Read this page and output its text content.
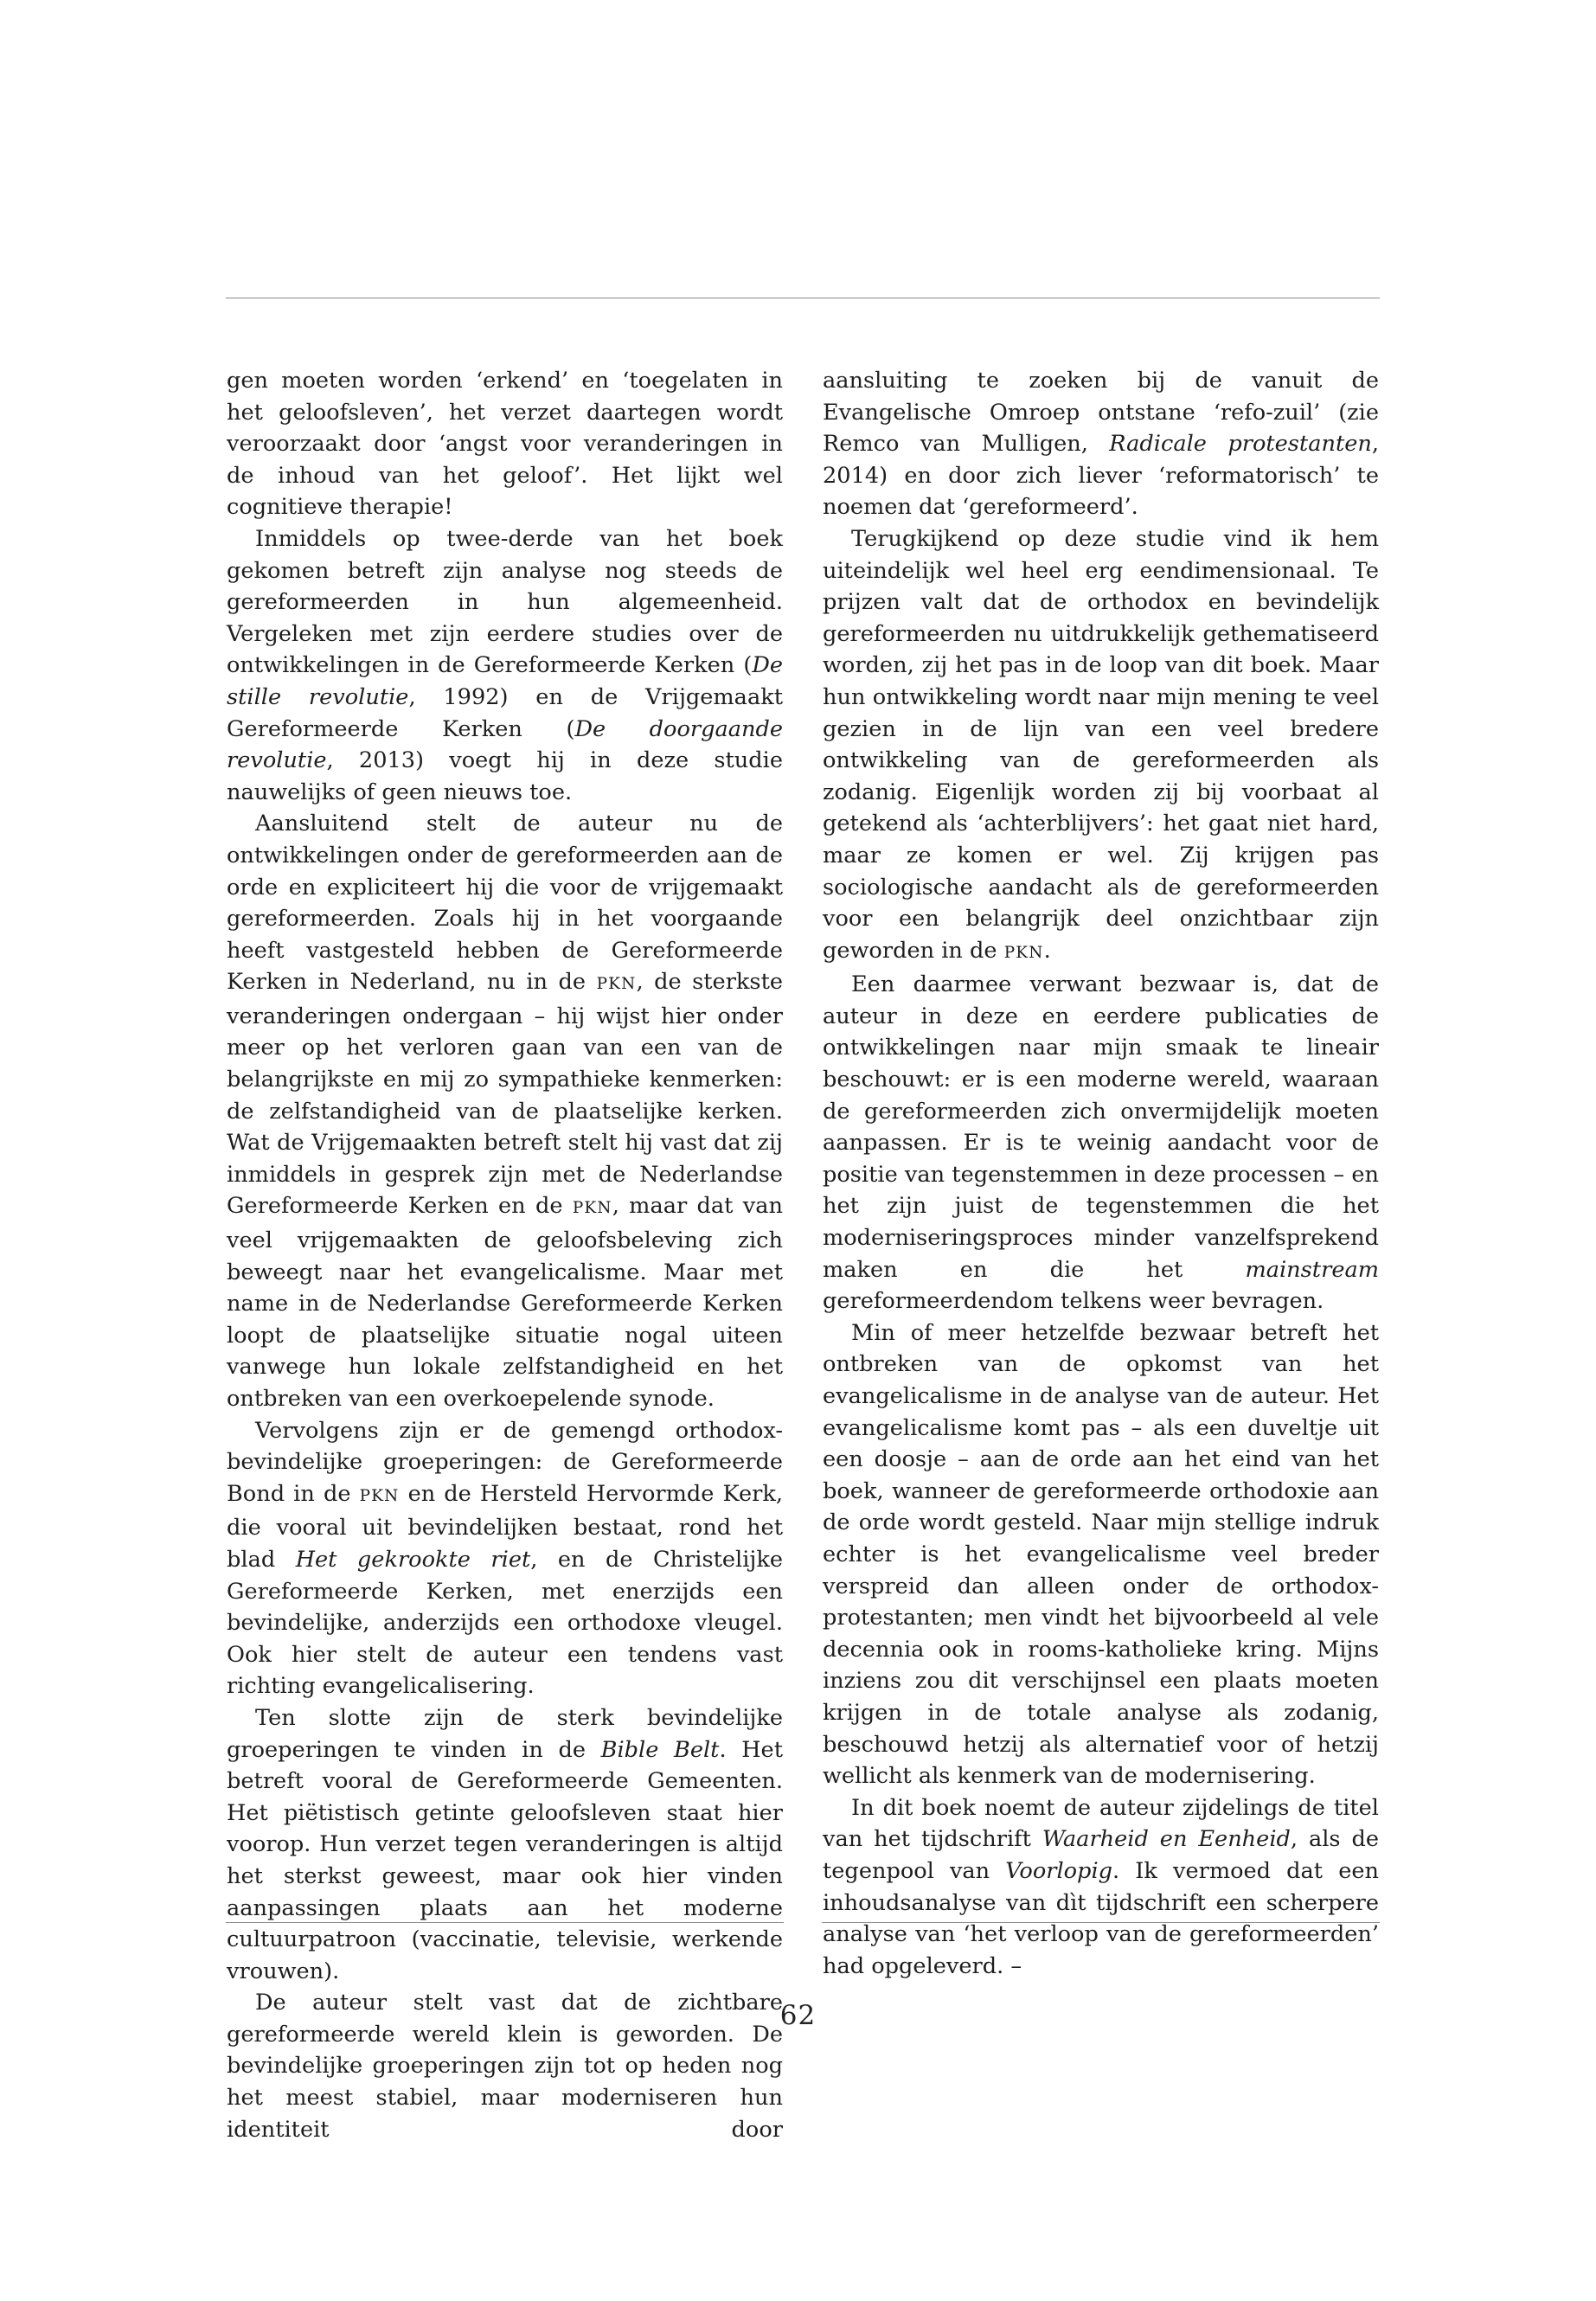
gen moeten worden ‘erkend’ en ‘toegelaten in het geloofsleven’, het verzet daartegen wordt veroorzaakt door ‘angst voor veranderingen in de inhoud van het geloof’. Het lijkt wel cognitieve therapie!

Inmiddels op twee-derde van het boek gekomen betreft zijn analyse nog steeds de gereformeerden in hun algemeenheid. Vergeleken met zijn eerdere studies over de ontwikkelingen in de Gereformeerde Kerken (De stille revolutie, 1992) en de Vrijgemaakt Gereformeerde Kerken (De doorgaande revolutie, 2013) voegt hij in deze studie nauwelijks of geen nieuws toe.

Aansluitend stelt de auteur nu de ontwikkelingen onder de gereformeerden aan de orde en expliciteert hij die voor de vrijgemaakt gereformeerden. Zoals hij in het voorgaande heeft vastgesteld hebben de Gereformeerde Kerken in Nederland, nu in de PKN, de sterkste veranderingen ondergaan – hij wijst hier onder meer op het verloren gaan van een van de belangrijkste en mij zo sympathieke kenmerken: de zelfstandigheid van de plaatselijke kerken. Wat de Vrijgemaakten betreft stelt hij vast dat zij inmiddels in gesprek zijn met de Nederlandse Gereformeerde Kerken en de PKN, maar dat van veel vrijgemaakten de geloofsbeleving zich beweegt naar het evangelicalisme. Maar met name in de Nederlandse Gereformeerde Kerken loopt de plaatselijke situatie nogal uiteen vanwege hun lokale zelfstandigheid en het ontbreken van een overkoepelende synode.

Vervolgens zijn er de gemengd orthodox-bevindelijke groeperingen: de Gereformeerde Bond in de PKN en de Hersteld Hervormde Kerk, die vooral uit bevindelijken bestaat, rond het blad Het gekrookte riet, en de Christelijke Gereformeerde Kerken, met enerzijds een bevindelijke, anderzijds een orthodoxe vleugel. Ook hier stelt de auteur een tendens vast richting evangelicalisering.

Ten slotte zijn de sterk bevindelijke groeperingen te vinden in de Bible Belt. Het betreft vooral de Gereformeerde Gemeenten. Het piëtistisch getinte geloofsleven staat hier voorop. Hun verzet tegen veranderingen is altijd het sterkst geweest, maar ook hier vinden aanpassingen plaats aan het moderne cultuurpatroon (vaccinatie, televisie, werkende vrouwen).

De auteur stelt vast dat de zichtbare gereformeerde wereld klein is geworden. De bevindelijke groeperingen zijn tot op heden nog het meest stabiel, maar moderniseren hun identiteit door

aansluiting te zoeken bij de vanuit de Evangelische Omroep ontstane ‘refo-zuil’ (zie Remco van Mulligen, Radicale protestanten, 2014) en door zich liever ‘reformatorisch’ te noemen dat ‘gereformeerd’.

Terugkijkend op deze studie vind ik hem uiteindelijk wel heel erg eendimensionaal. Te prijzen valt dat de orthodox en bevindelijk gereformeerden nu uitdrukkelijk gethematiseerd worden, zij het pas in de loop van dit boek. Maar hun ontwikkeling wordt naar mijn mening te veel gezien in de lijn van een veel bredere ontwikkeling van de gereformeerden als zodanig. Eigenlijk worden zij bij voorbaat al getekend als ‘achterblijvers’: het gaat niet hard, maar ze komen er wel. Zij krijgen pas sociologische aandacht als de gereformeerden voor een belangrijk deel onzichtbaar zijn geworden in de PKN.

Een daarmee verwant bezwaar is, dat de auteur in deze en eerdere publicaties de ontwikkelingen naar mijn smaak te lineair beschouwt: er is een moderne wereld, waaraan de gereformeerden zich onvermijdelijk moeten aanpassen. Er is te weinig aandacht voor de positie van tegenstemmen in deze processen – en het zijn juist de tegenstemmen die het moderniseringsproces minder vanzelfsprekend maken en die het mainstream gereformeerdendom telkens weer bevragen.

Min of meer hetzelfde bezwaar betreft het ontbreken van de opkomst van het evangelicalisme in de analyse van de auteur. Het evangelicalisme komt pas – als een duveltje uit een doosje – aan de orde aan het eind van het boek, wanneer de gereformeerde orthodoxie aan de orde wordt gesteld. Naar mijn stellige indruk echter is het evangelicalisme veel breder verspreid dan alleen onder de orthodox-protestanten; men vindt het bijvoorbeeld al vele decennia ook in rooms-katholieke kring. Mijns inziens zou dit verschijnsel een plaats moeten krijgen in de totale analyse als zodanig, beschouwd hetzij als alternatief voor of hetzij wellicht als kenmerk van de modernisering.

In dit boek noemt de auteur zijdelings de titel van het tijdschrift Waarheid en Eenheid, als de tegenpool van Voorlopig. Ik vermoed dat een inhoudsanalyse van dìt tijdschrift een scherpere analyse van ‘het verloop van de gereformeerden’ had opgeleverd. –

62
